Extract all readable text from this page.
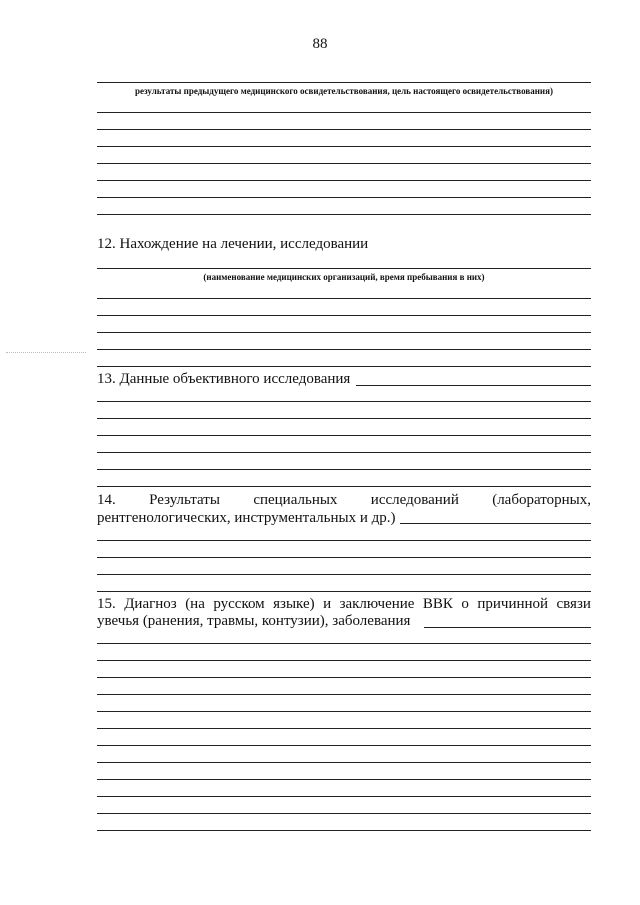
88
результаты предыдущего медицинского освидетельствования, цель настоящего освидетельствования)
12. Нахождение на лечении, исследовании
(наименование медицинских организаций, время пребывания в них)
13. Данные объективного исследования
14. Результаты специальных исследований (лабораторных,
рентгенологических, инструментальных и др.)
15. Диагноз (на русском языке) и заключение ВВК о причинной связи
увечья (ранения, травмы, контузии), заболевания
